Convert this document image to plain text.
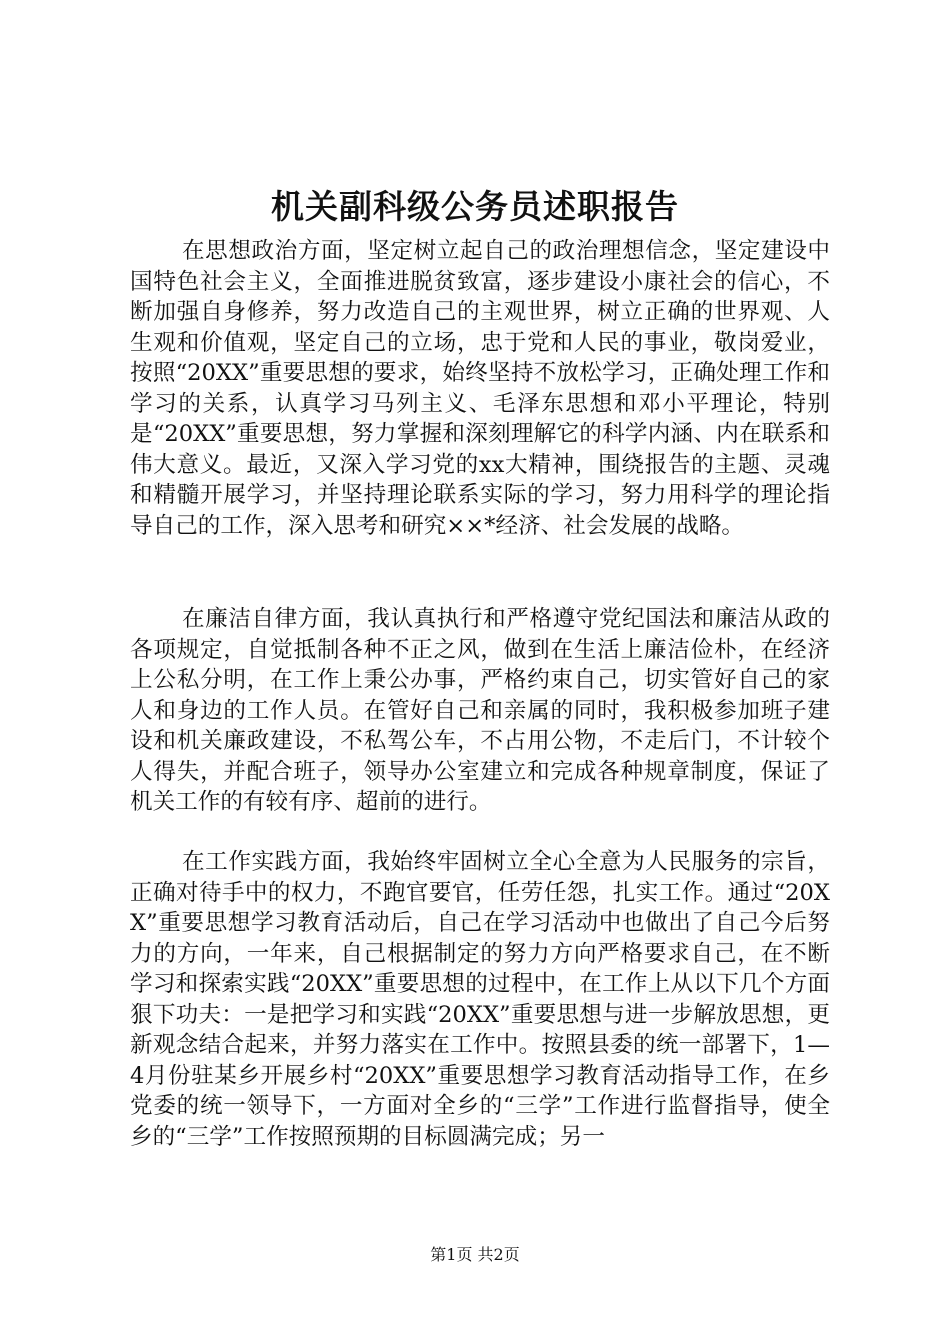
机关副科级公务员述职报告

在思想政治方面，坚定树立起自己的政治理想信念，坚定建设中国特色社会主义，全面推进脱贫致富，逐步建设小康社会的信心，不断加强自身修养，努力改造自己的主观世界，树立正确的世界观、人生观和价值观，坚定自己的立场，忠于党和人民的事业，敬岗爱业，按照“20XX”重要思想的要求，始终坚持不放松学习，正确处理工作和学习的关系，认真学习马列主义、毛泽东思想和邓小平理论，特别是“20XX”重要思想，努力掌握和深刻理解它的科学内涵、内在联系和伟大意义。最近，又深入学习党的xx大精神，围绕报告的主题、灵魂和精髓开展学习，并坚持理论联系实际的学习，努力用科学的理论指导自己的工作，深入思考和研究××*经济、社会发展的战略。

在廉洁自律方面，我认真执行和严格遵守党纪国法和廉洁从政的各项规定，自觉抵制各种不正之风，做到在生活上廉洁俭朴，在经济上公私分明，在工作上秉公办事，严格约束自己，切实管好自己的家人和身边的工作人员。在管好自己和亲属的同时，我积极参加班子建设和机关廉政建设，不私驾公车，不占用公物，不走后门，不计较个人得失，并配合班子，领导办公室建立和完成各种规章制度，保证了机关工作的有较有序、超前的进行。

在工作实践方面，我始终牢固树立全心全意为人民服务的宗旨，正确对待手中的权力，不跑官要官，任劳任怨，扎实工作。通过“20XX”重要思想学习教育活动后，自己在学习活动中也做出了自己今后努力的方向，一年来，自己根据制定的努力方向严格要求自己，在不断学习和探索实践“20XX”重要思想的过程中，在工作上从以下几个方面狠下功夫：一是把学习和实践“20XX”重要思想与进一步解放思想，更新观念结合起来，并努力落实在工作中。按照县委的统一部署下，1—4月份驻某乡开展乡村“20XX”重要思想学习教育活动指导工作，在乡党委的统一领导下，一方面对全乡的“三学”工作进行监督指导，使全乡的“三学”工作按照预期的目标圆满完成；另一

第1页 共2页
